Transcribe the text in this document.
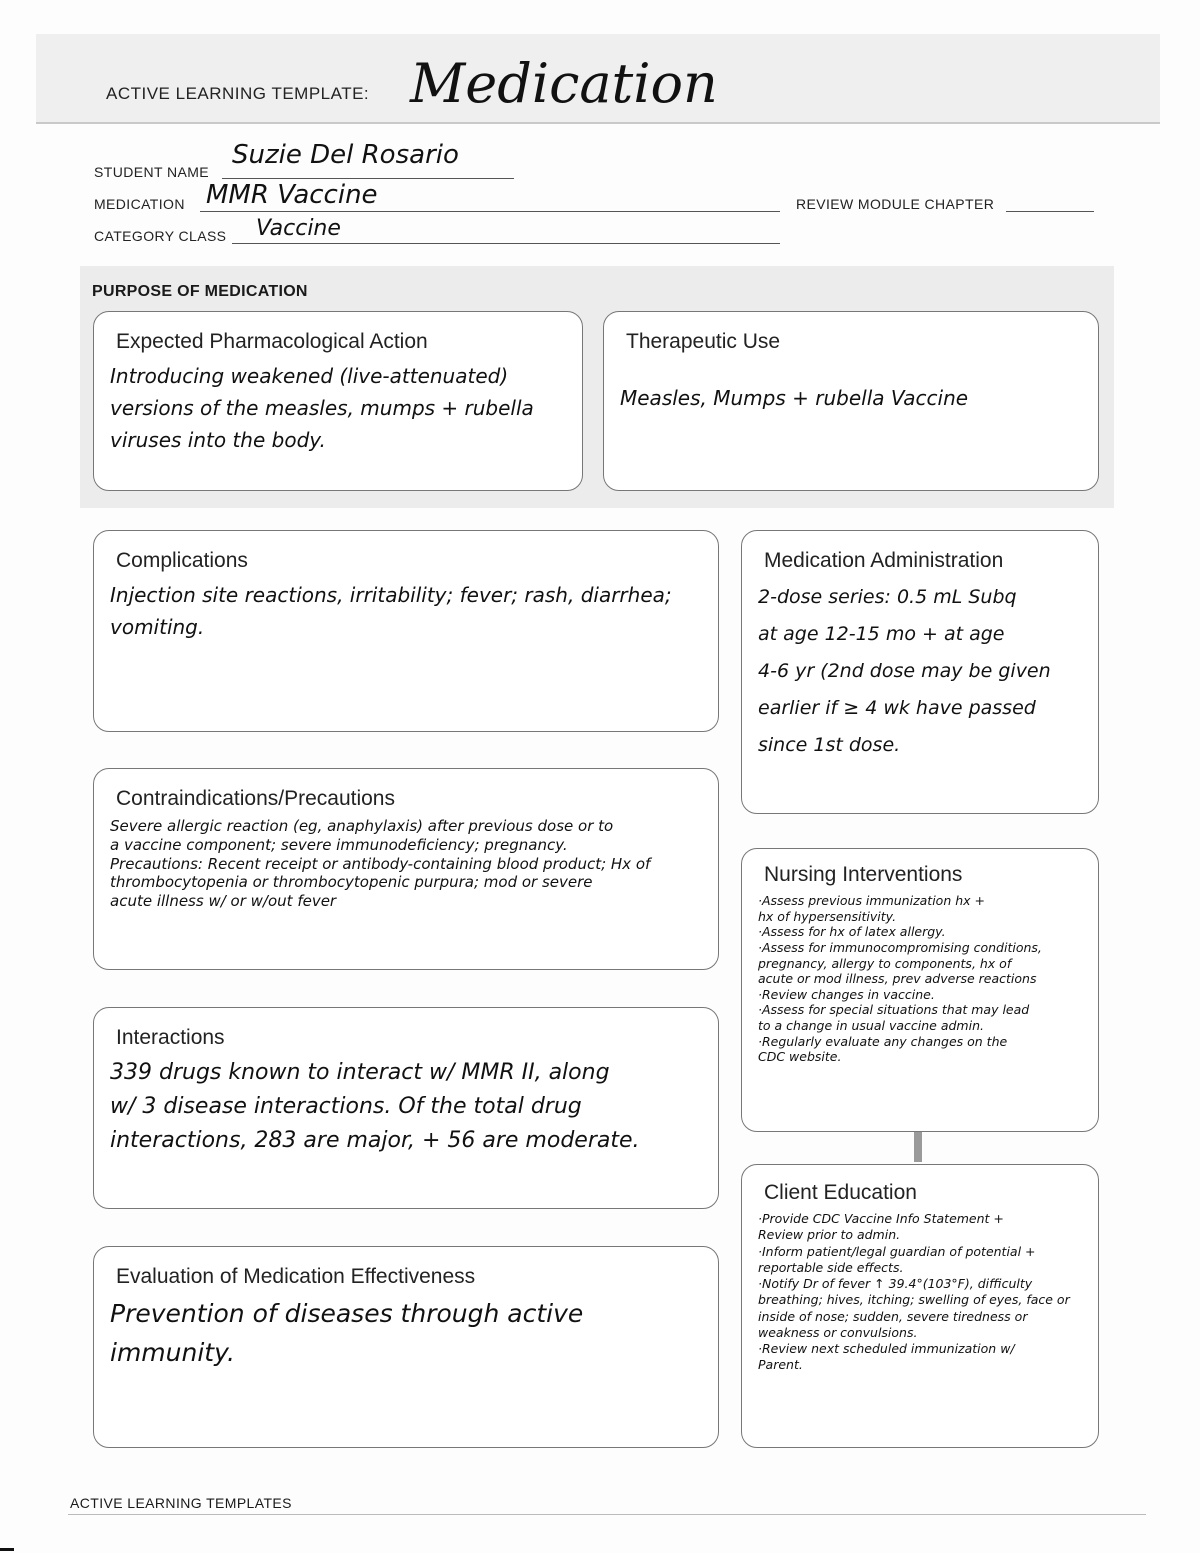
ACTIVE LEARNING TEMPLATE: Medication
STUDENT NAME
Suzie Del Rosario
MEDICATION MMR Vaccine	REVIEW MODULE CHAPTER
CATEGORY CLASS Vaccine
PURPOSE OF MEDICATION
Expected Pharmacological Action
Introducing weakened (live-attenuated)
versions of the measles, mumps + rubella
viruses into the body.
Therapeutic Use
Measles, Mumps + rubella Vaccine
Complications
Injection site reactions, irritability; fever; rash, diarrhea;
vomiting.
Contraindications/Precautions
Severe allergic reaction (eg, anaphylaxis) after previous dose or to
a vaccine component; severe immunodeficiency; pregnancy.
Precautions: Recent receipt or antibody-containing blood product; Hx of
thrombocytopenia or thrombocytopenic purpura; mod or severe
acute illness w/ or w/out fever
Interactions
339 drugs known to interact w/ MMR II, along
w/ 3 disease interactions. Of the total drug
interactions, 283 are major, + 56 are moderate.
Evaluation of Medication Effectiveness
Prevention of diseases through active
immunity.
Medication Administration
2-dose series: 0.5 mL Subq
at age 12-15 mo + at age
4-6 yr (2nd dose may be given
earlier if ≥ 4 wk have passed
since 1st dose.
Nursing Interventions
·Assess previous immunization hx +
hx of hypersensitivity.
·Assess for hx of latex allergy.
·Assess for immunocompromising conditions,
pregnancy, allergy to components, hx of
acute or mod illness, prev adverse reactions
·Review changes in vaccine.
·Assess for special situations that may lead
to a change in usual vaccine admin.
·Regularly evaluate any changes on the
CDC website.
Client Education
·Provide CDC Vaccine Info Statement +
Review prior to admin.
·Inform patient/legal guardian of potential +
reportable side effects.
·Notify Dr of fever ↑ 39.4°(103°F), difficulty
breathing; hives, itching; swelling of eyes, face or
inside of nose; sudden, severe tiredness or
weakness or convulsions.
·Review next scheduled immunization w/
Parent.
ACTIVE LEARNING TEMPLATES
